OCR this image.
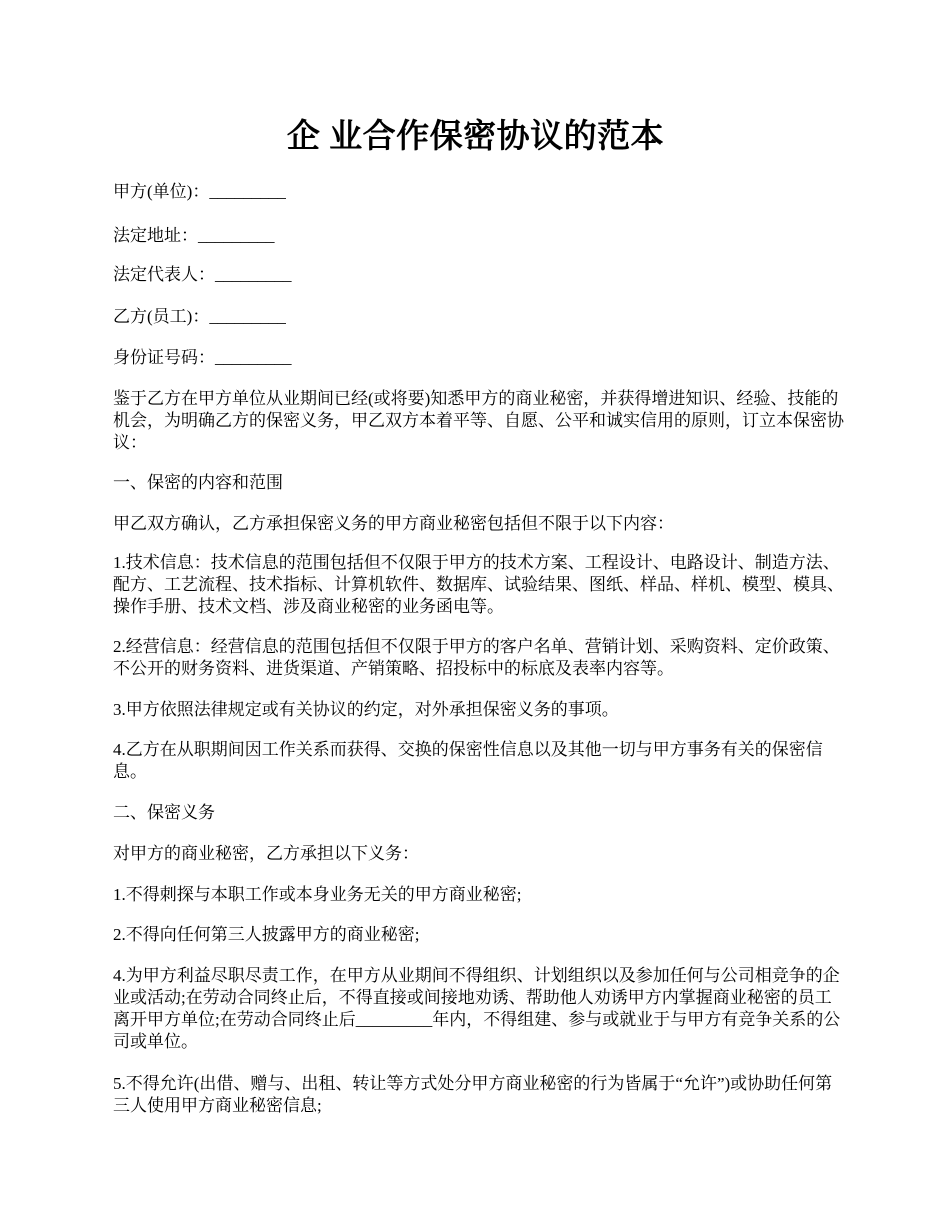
企 业合作保密协议的范本

甲方(单位)：_________

法定地址：_________

法定代表人：_________

乙方(员工)：_________

身份证号码：_________

鉴于乙方在甲方单位从业期间已经(或将要)知悉甲方的商业秘密，并获得增进知识、经验、技能的机会，为明确乙方的保密义务，甲乙双方本着平等、自愿、公平和诚实信用的原则，订立本保密协议：

一、保密的内容和范围

甲乙双方确认，乙方承担保密义务的甲方商业秘密包括但不限于以下内容：

1.技术信息：技术信息的范围包括但不仅限于甲方的技术方案、工程设计、电路设计、制造方法、配方、工艺流程、技术指标、计算机软件、数据库、试验结果、图纸、样品、样机、模型、模具、操作手册、技术文档、涉及商业秘密的业务函电等。

2.经营信息：经营信息的范围包括但不仅限于甲方的客户名单、营销计划、采购资料、定价政策、不公开的财务资料、进货渠道、产销策略、招投标中的标底及表率内容等。

3.甲方依照法律规定或有关协议的约定，对外承担保密义务的事项。

4.乙方在从职期间因工作关系而获得、交换的保密性信息以及其他一切与甲方事务有关的保密信息。

二、保密义务

对甲方的商业秘密，乙方承担以下义务：

1.不得刺探与本职工作或本身业务无关的甲方商业秘密;

2.不得向任何第三人披露甲方的商业秘密;

4.为甲方利益尽职尽责工作，在甲方从业期间不得组织、计划组织以及参加任何与公司相竞争的企业或活动;在劳动合同终止后，不得直接或间接地劝诱、帮助他人劝诱甲方内掌握商业秘密的员工离开甲方单位;在劳动合同终止后_________年内，不得组建、参与或就业于与甲方有竞争关系的公司或单位。

5.不得允许(出借、赠与、出租、转让等方式处分甲方商业秘密的行为皆属于“允许”)或协助任何第三人使用甲方商业秘密信息;
